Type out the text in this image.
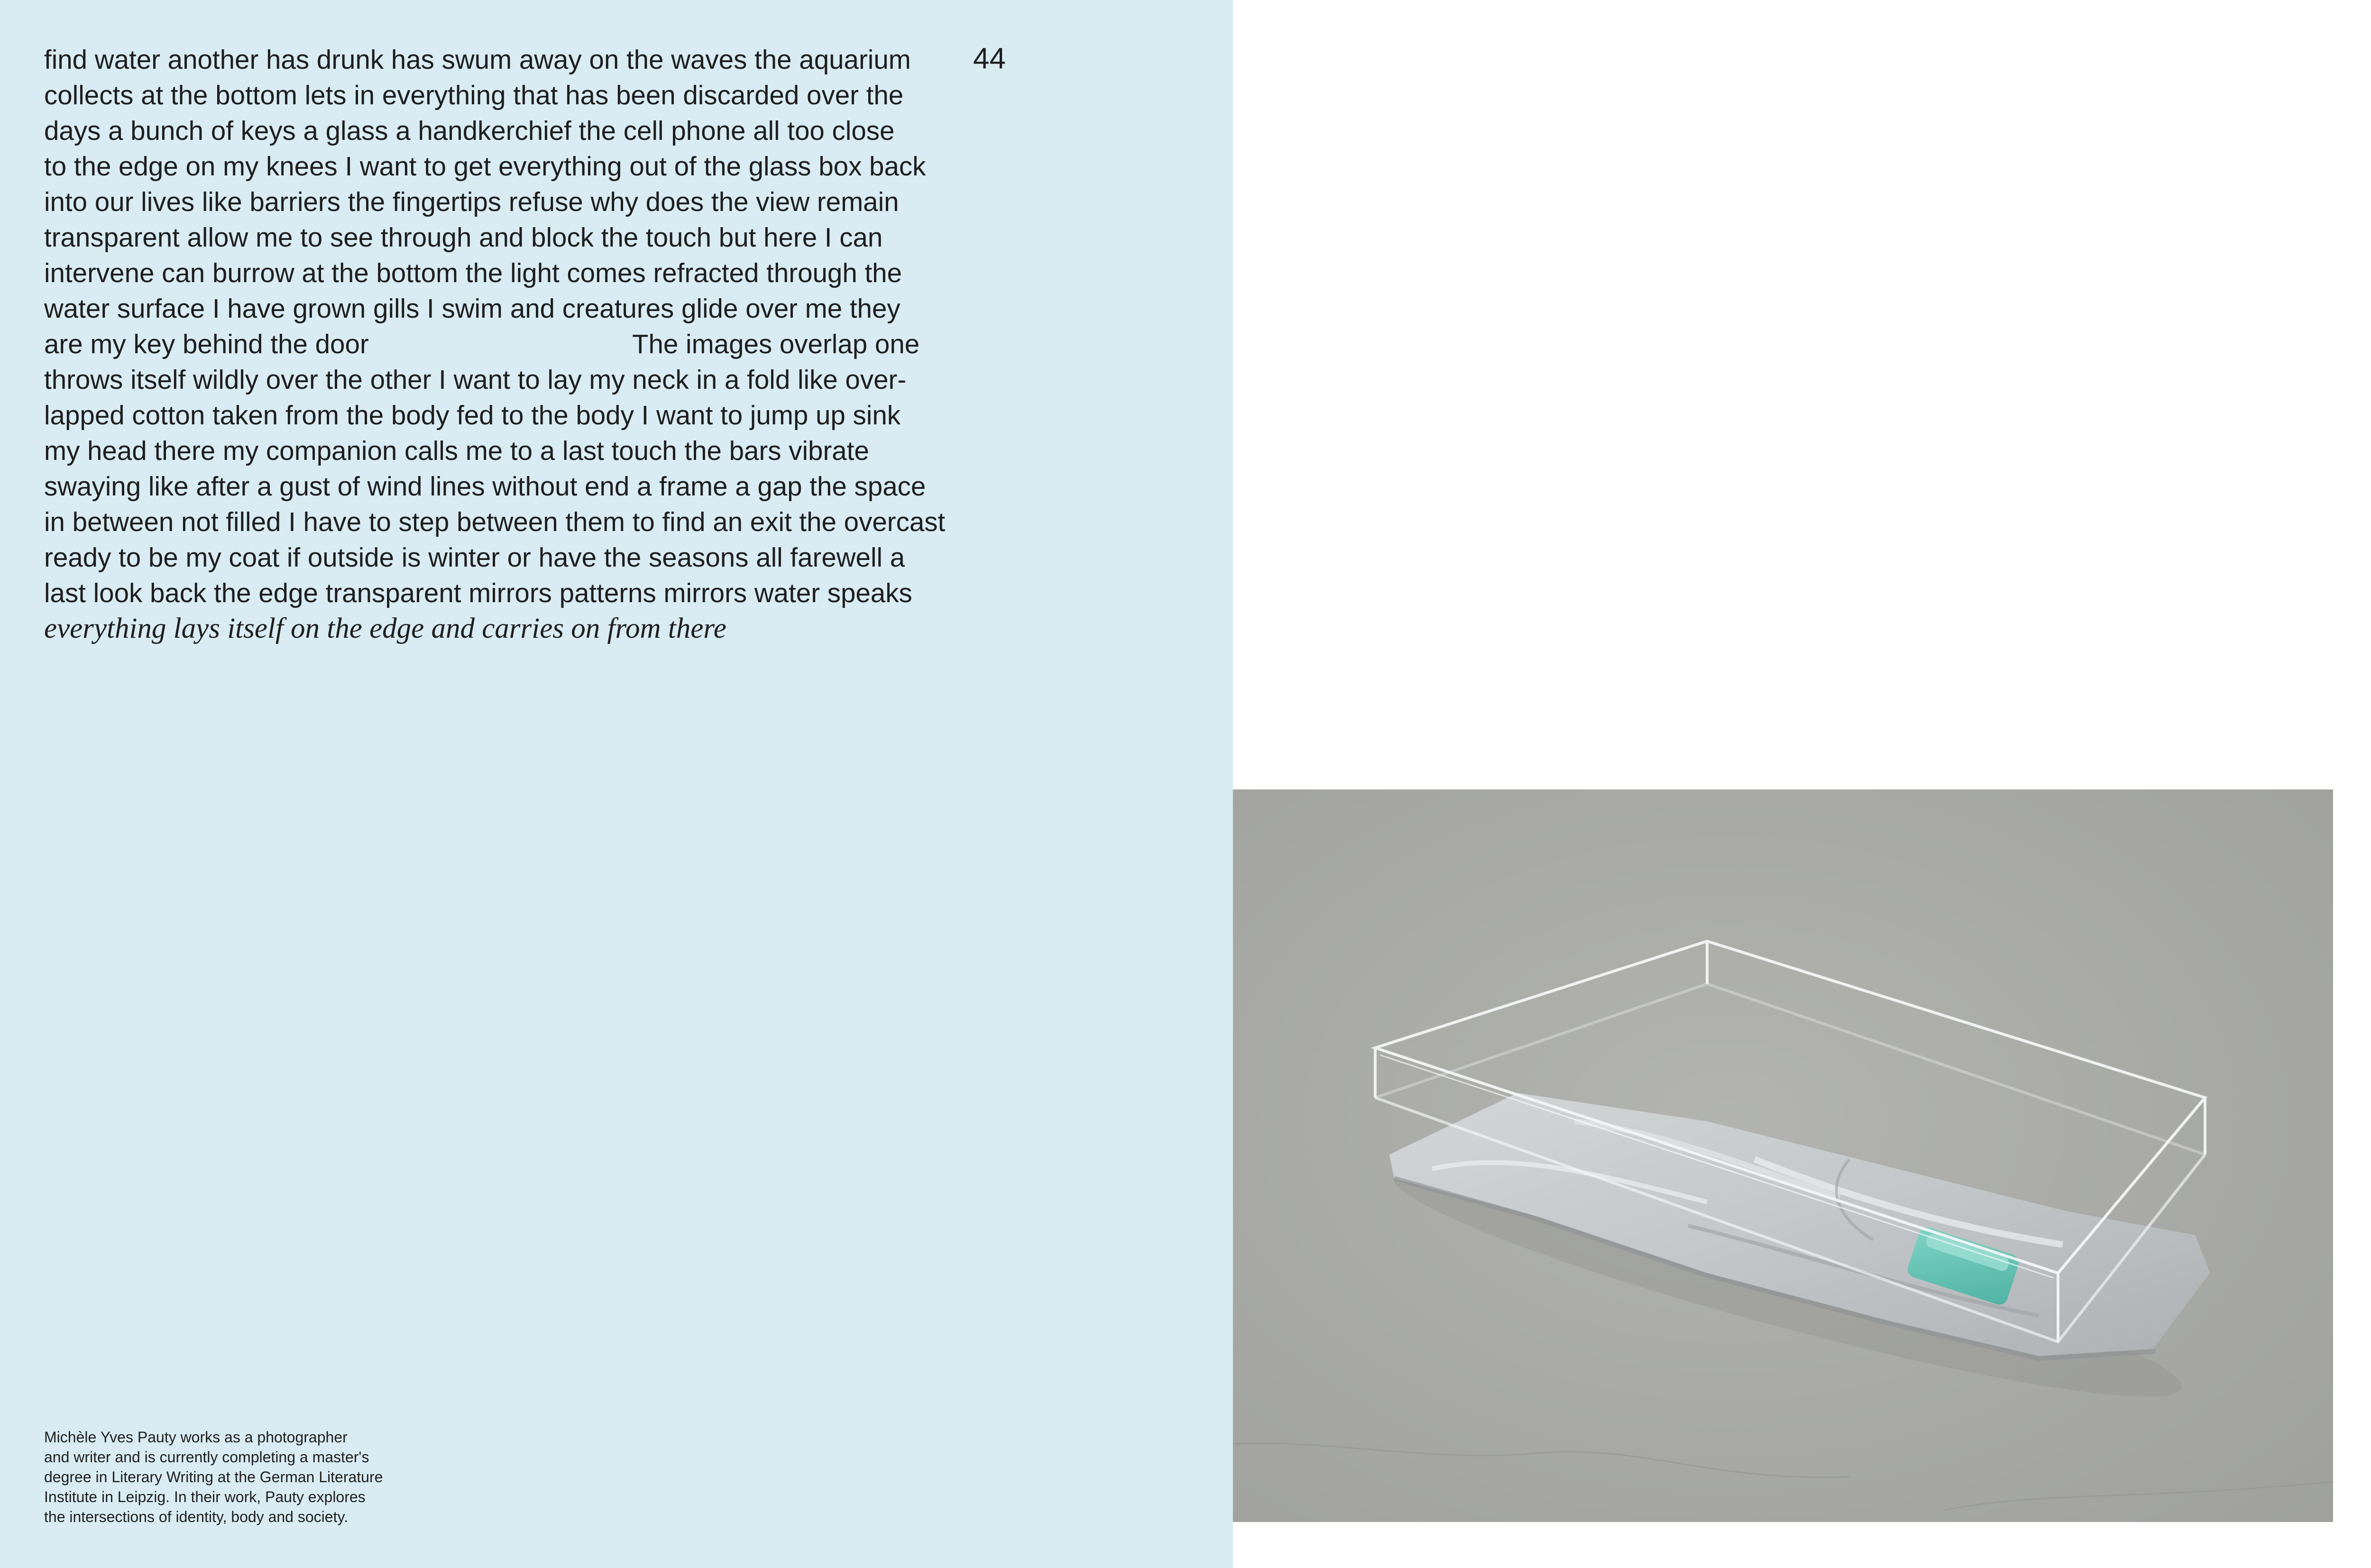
44
find water another has drunk has swum away on the waves the aquarium
collects at the bottom lets in everything that has been discarded over the
days a bunch of keys a glass a handkerchief the cell phone all too close
to the edge on my knees I want to get everything out of the glass box back
into our lives like barriers the fingertips refuse why does the view remain
transparent allow me to see through and block the touch but here I can
intervene can burrow at the bottom the light comes refracted through the
water surface I have grown gills I swim and creatures glide over me they
are my key behind the door	The images overlap one
throws itself wildly over the other I want to lay my neck in a fold like over-
lapped cotton taken from the body fed to the body I want to jump up sink
my head there my companion calls me to a last touch the bars vibrate
swaying like after a gust of wind lines without end a frame a gap the space
in between not filled I have to step between them to find an exit the overcast
ready to be my coat if outside is winter or have the seasons all farewell a
last look back the edge transparent mirrors patterns mirrors water speaks
everything lays itself on the edge and carries on from there
Michèle Yves Pauty works as a photographer
and writer and is currently completing a master's
degree in Literary Writing at the German Literature
Institute in Leipzig. In their work, Pauty explores
the intersections of identity, body and society.
